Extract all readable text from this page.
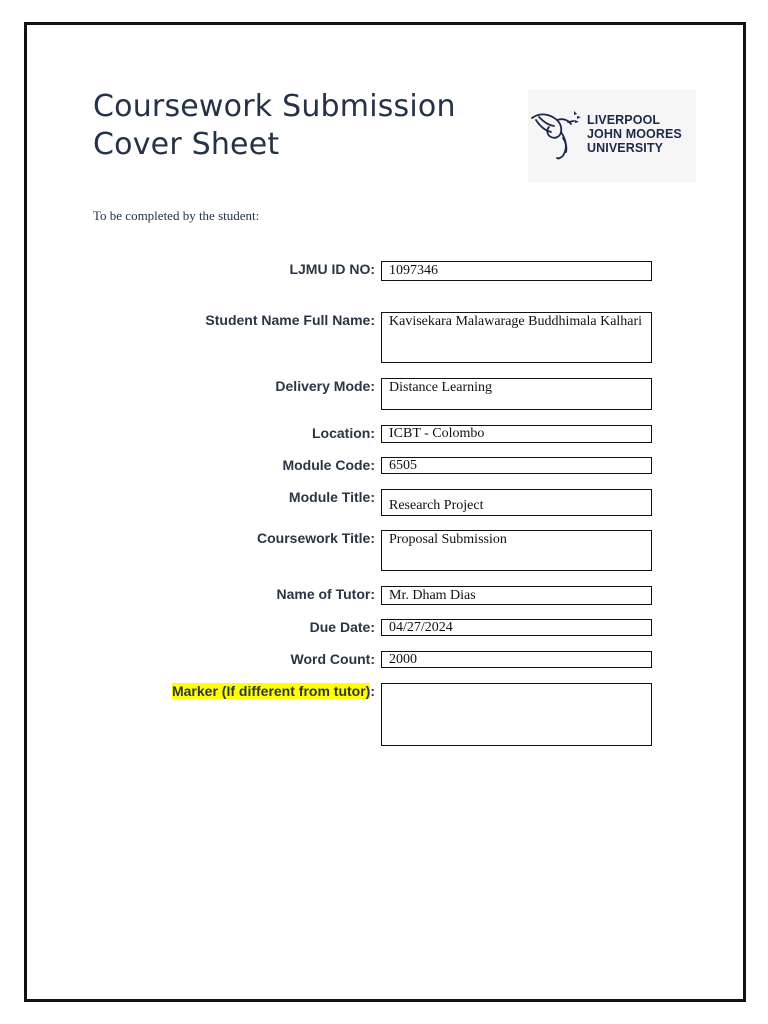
Coursework Submission
Cover Sheet
LIVERPOOL
JOHN MOORES
UNIVERSITY
To be completed by the student:
LJMU ID NO:	1097346
Student Name Full Name:	Kavisekara Malawarage Buddhimala Kalhari
Delivery Mode:	Distance Learning
Location:	ICBT - Colombo
Module Code:	6505
Module Title:
Research Project
Coursework Title:	Proposal Submission
Name of Tutor:	Mr. Dham Dias
Due Date:	04/27/2024
Word Count:	2000
Marker (If different from tutor):
